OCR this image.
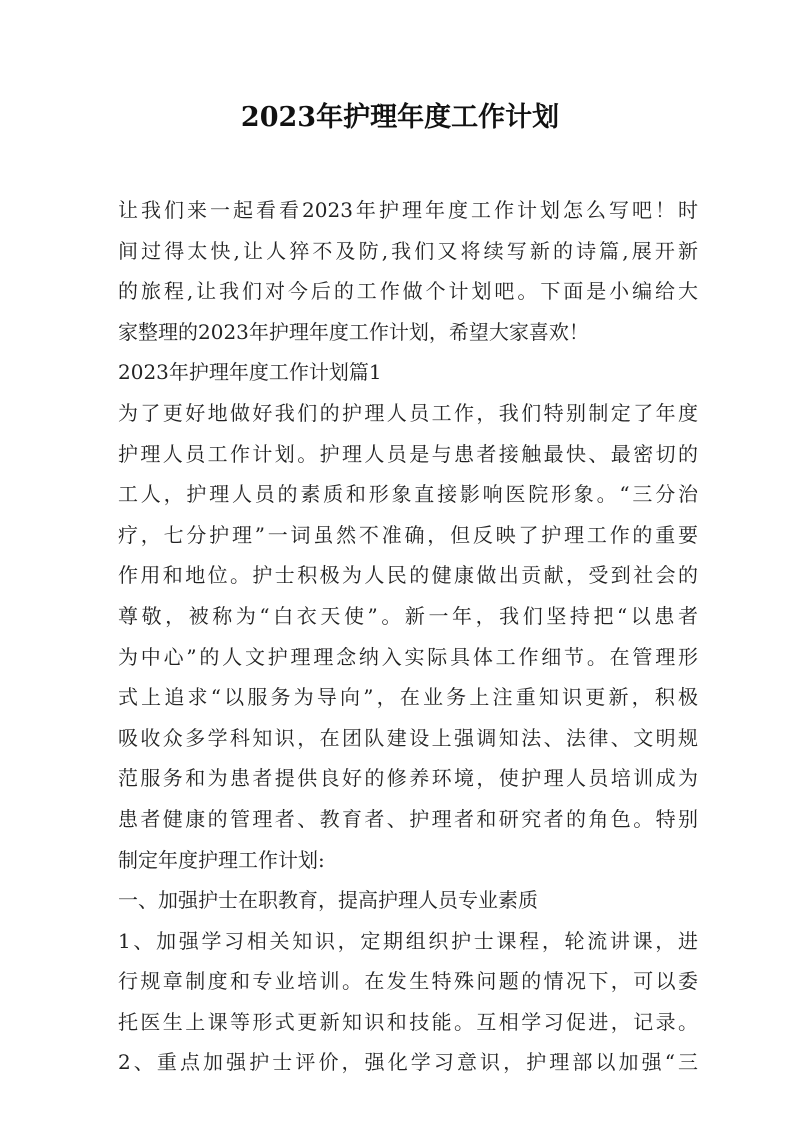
2023年护理年度工作计划
让我们来一起看看2023年护理年度工作计划怎么写吧！时
间过得太快,让人猝不及防,我们又将续写新的诗篇,展开新
的旅程,让我们对今后的工作做个计划吧。下面是小编给大
家整理的2023年护理年度工作计划，希望大家喜欢！
2023年护理年度工作计划篇1
为了更好地做好我们的护理人员工作，我们特别制定了年度
护理人员工作计划。护理人员是与患者接触最快、最密切的
工人，护理人员的素质和形象直接影响医院形象。“三分治
疗，七分护理”一词虽然不准确，但反映了护理工作的重要
作用和地位。护士积极为人民的健康做出贡献，受到社会的
尊敬，被称为“白衣天使”。新一年，我们坚持把“以患者
为中心”的人文护理理念纳入实际具体工作细节。在管理形
式上追求“以服务为导向”，在业务上注重知识更新，积极
吸收众多学科知识，在团队建设上强调知法、法律、文明规
范服务和为患者提供良好的修养环境，使护理人员培训成为
患者健康的管理者、教育者、护理者和研究者的角色。特别
制定年度护理工作计划:
一、加强护士在职教育，提高护理人员专业素质
1、加强学习相关知识，定期组织护士课程，轮流讲课，进
行规章制度和专业培训。在发生特殊问题的情况下，可以委
托医生上课等形式更新知识和技能。互相学习促进，记录。
2、重点加强护士评价，强化学习意识，护理部以加强“三
